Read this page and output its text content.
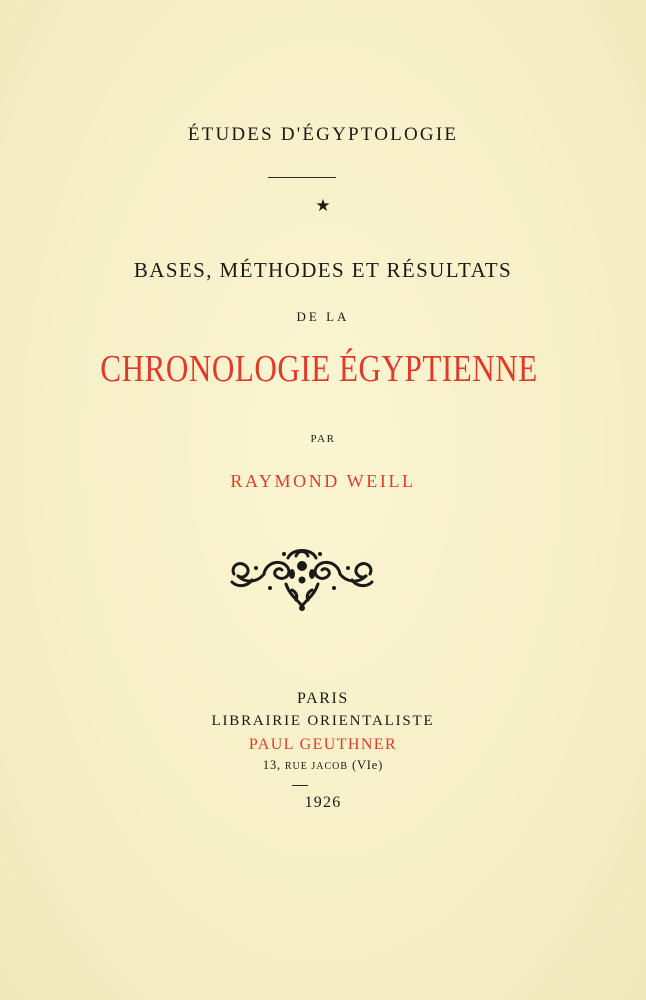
ÉTUDES D'ÉGYPTOLOGIE
★
BASES, MÉTHODES ET RÉSULTATS
DE LA
CHRONOLOGIE ÉGYPTIENNE
PAR
RAYMOND WEILL
PARIS
LIBRAIRIE ORIENTALISTE
PAUL GEUTHNER
13, RUE JACOB (VIe)
1926
